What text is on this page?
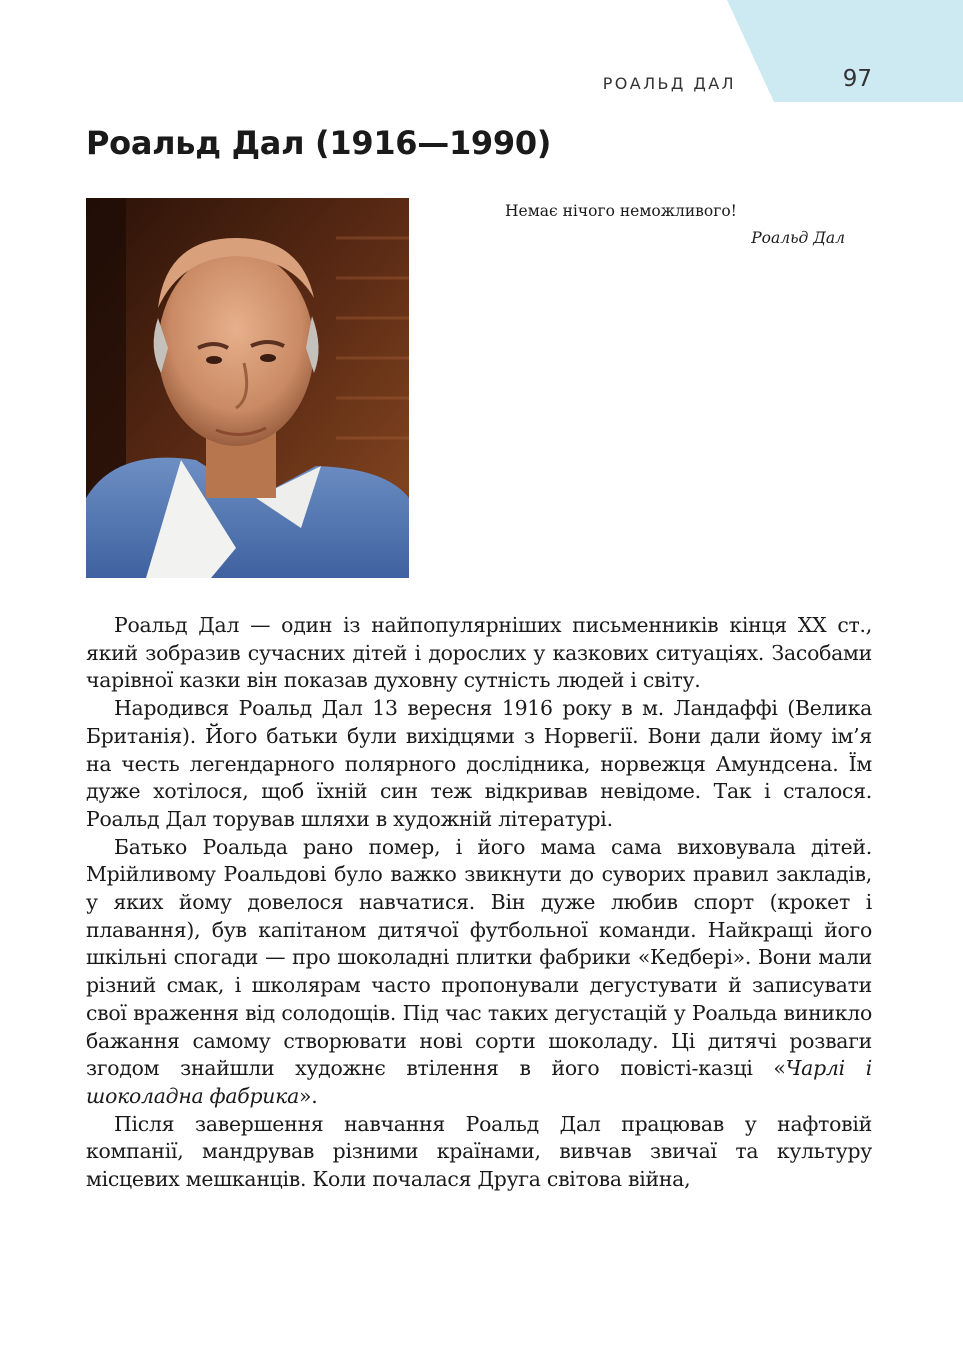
РОАЛЬД ДАЛ	97
Роальд Дал (1916—1990)
Немає нічого неможливого!
Роальд Дал

Роальд Дал — один із найпопулярніших письменників кінця XX ст., який зобразив сучасних дітей і дорослих у казкових ситуаціях. Засобами чарівної казки він показав духовну сутність людей і світу.

Народився Роальд Дал 13 вересня 1916 року в м. Ландаффі (Велика Британія). Його батьки були вихідцями з Норвегії. Вони дали йому ім’я на честь легендарного полярного дослідника, норвежця Амундсена. Їм дуже хотілося, щоб їхній син теж відкривав невідоме. Так і сталося. Роальд Дал торував шляхи в художній літературі.

Батько Роальда рано помер, і його мама сама виховувала дітей. Мрійливому Роальдові було важко звикнути до суворих правил закладів, у яких йому довелося навчатися. Він дуже любив спорт (крокет і плавання), був капітаном дитячої футбольної команди. Найкращі його шкільні спогади — про шоколадні плитки фабрики «Кедбері». Вони мали різний смак, і школярам часто пропонували дегустувати й записувати свої враження від солодощів. Під час таких дегустацій у Роальда виникло бажання самому створювати нові сорти шоколаду. Ці дитячі розваги згодом знайшли художнє втілення в його повісті-казці «Чарлі і шоколадна фабрика».

Після завершення навчання Роальд Дал працював у нафтовій компанії, мандрував різними країнами, вивчав звичаї та культуру місцевих мешканців. Коли почалася Друга світова війна,
